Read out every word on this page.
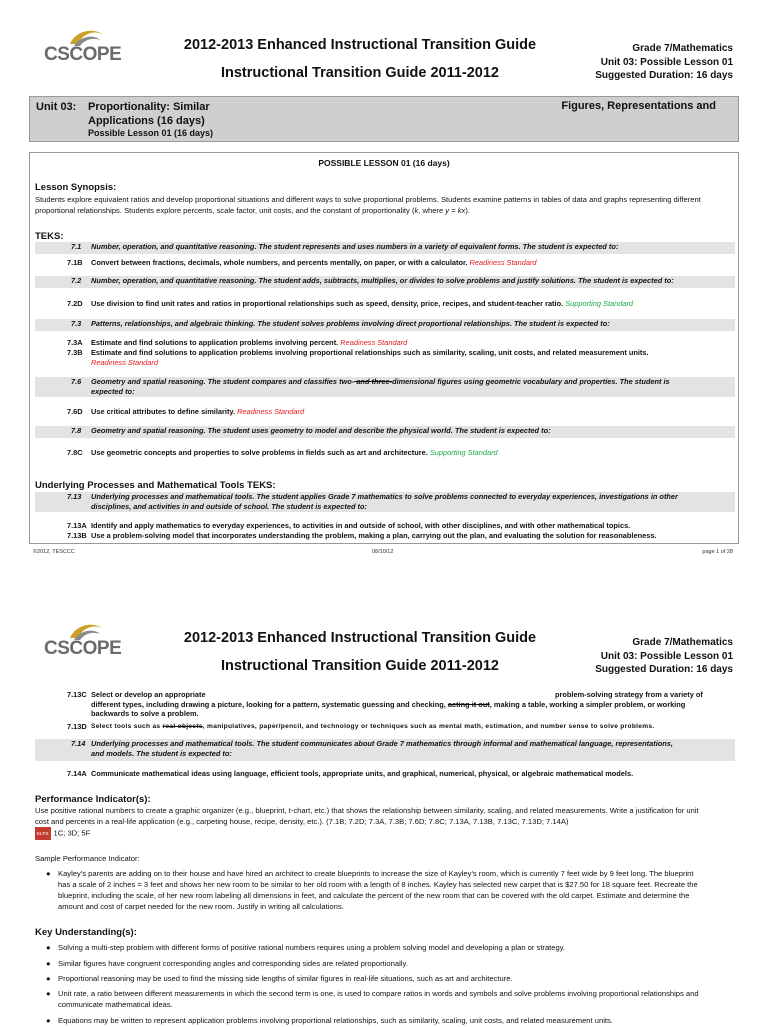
CSCOPE	2012-2013 Enhanced Instructional Transition Guide
Instructional Transition Guide 2011-2012
Grade 7/Mathematics
Unit 03: Possible Lesson 01
Suggested Duration: 16 days
Unit 03: Proportionality: Similar
Applications (16 days)
Possible Lesson 01 (16 days)
Figures, Representations and
POSSIBLE LESSON 01 (16 days)
Lesson Synopsis:
Students explore equivalent ratios and develop proportional situations and different ways to solve proportional problems. Students examine patterns in tables of data and graphs representing different
proportional relationships. Students explore percents, scale factor, unit costs, and the constant of proportionality (k, where y = kx).
TEKS:
7.1	Number, operation, and quantitative reasoning. The student represents and uses numbers in a variety of equivalent forms. The student is expected to:
7.1B	Convert between fractions, decimals, whole numbers, and percents mentally, on paper, or with a calculator. Readiness Standard
7.2	Number, operation, and quantitative reasoning. The student adds, subtracts, multiplies, or divides to solve problems and justify solutions. The student is expected to:
7.2D	Use division to find unit rates and ratios in proportional relationships such as speed, density, price, recipes, and student-teacher ratio. Supporting Standard
7.3	Patterns, relationships, and algebraic thinking. The student solves problems involving direct proportional relationships. The student is expected to:
7.3A	Estimate and find solutions to application problems involving percent. Readiness Standard
7.3B	Estimate and find solutions to application problems involving proportional relationships such as similarity, scaling, unit costs, and related measurement units.
Readiness Standard
7.6	Geometry and spatial reasoning. The student compares and classifies two- and three-dimensional figures using geometric vocabulary and properties. The student is
expected to:
7.6D	Use critical attributes to define similarity. Readiness Standard
7.8	Geometry and spatial reasoning. The student uses geometry to model and describe the physical world. The student is expected to:
7.8C	Use geometric concepts and properties to solve problems in fields such as art and architecture. Supporting Standard
Underlying Processes and Mathematical Tools TEKS:
7.13	Underlying processes and mathematical tools. The student applies Grade 7 mathematics to solve problems connected to everyday experiences, investigations in other
disciplines, and activities in and outside of school. The student is expected to:
7.13A Identify and apply mathematics to everyday experiences, to activities in and outside of school, with other disciplines, and with other mathematical topics.
7.13B Use a problem-solving model that incorporates understanding the problem, making a plan, carrying out the plan, and evaluating the solution for reasonableness.
©2012, TESCCC	08/10/12	page 1 of 28
CSCOPE	2012-2013 Enhanced Instructional Transition Guide
Instructional Transition Guide 2011-2012
Grade 7/Mathematics
Unit 03: Possible Lesson 01
Suggested Duration: 16 days
7.13C Select or develop an appropriate	problem-solving strategy from a variety of

different types, including drawing a picture, looking for a pattern, systematic guessing and checking, acting it out, making a table, working a simpler problem, or working
backwards to solve a problem.
7.13D Select tools such as real objects, manipulatives, paper/pencil, and technology or techniques such as mental math, estimation, and number sense to solve problems.
7.14 Underlying processes and mathematical tools. The student communicates about Grade 7 mathematics through informal and mathematical language, representations,
and models. The student is expected to:
7.14A Communicate mathematical ideas using language, efficient tools, appropriate units, and graphical, numerical, physical, or algebraic mathematical models.
Performance Indicator(s):
Use positive rational numbers to create a graphic organizer (e.g., blueprint, t-chart, etc.) that shows the relationship between similarity, scaling, and related measurements. Write a justification for unit
cost and percents in a real-life application (e.g., carpeting house, recipe, density, etc.). (7.1B; 7.2D; 7.3A, 7.3B; 7.6D; 7.8C; 7.13A, 7.13B, 7.13C, 7.13D; 7.14A)
ELPS 1C; 3D; 5F
Sample Performance Indicator:
● Kayley's parents are adding on to their house and have hired an architect to create blueprints to increase the size of Kayley's room, which is currently 7 feet wide by 9 feet long. The blueprint
has a scale of 2 inches = 3 feet and shows her new room to be similar to her old room with a length of 8 inches. Kayley has selected new carpet that is $27.50 for 18 square feet. Recreate the
blueprint, including the scale, of her new room labeling all dimensions in feet, and calculate the percent of the new room that can be covered with the old carpet. Estimate and determine the
amount and cost of carpet needed for the new room. Justify in writing all calculations.
Key Understanding(s):
● Solving a multi-step problem with different forms of positive rational numbers requires using a problem solving model and developing a plan or strategy.
● Similar figures have congruent corresponding angles and corresponding sides are related proportionally.
● Proportional reasoning may be used to find the missing side lengths of similar figures in real-life situations, such as art and architecture.
● Unit rate, a ratio between different measurements in which the second term is one, is used to compare ratios in words and symbols and solve problems involving proportional relationships and
communicate mathematical ideas.
● Equations may be written to represent application problems involving proportional relationships, such as similarity, scaling, unit costs, and related measurement units.
